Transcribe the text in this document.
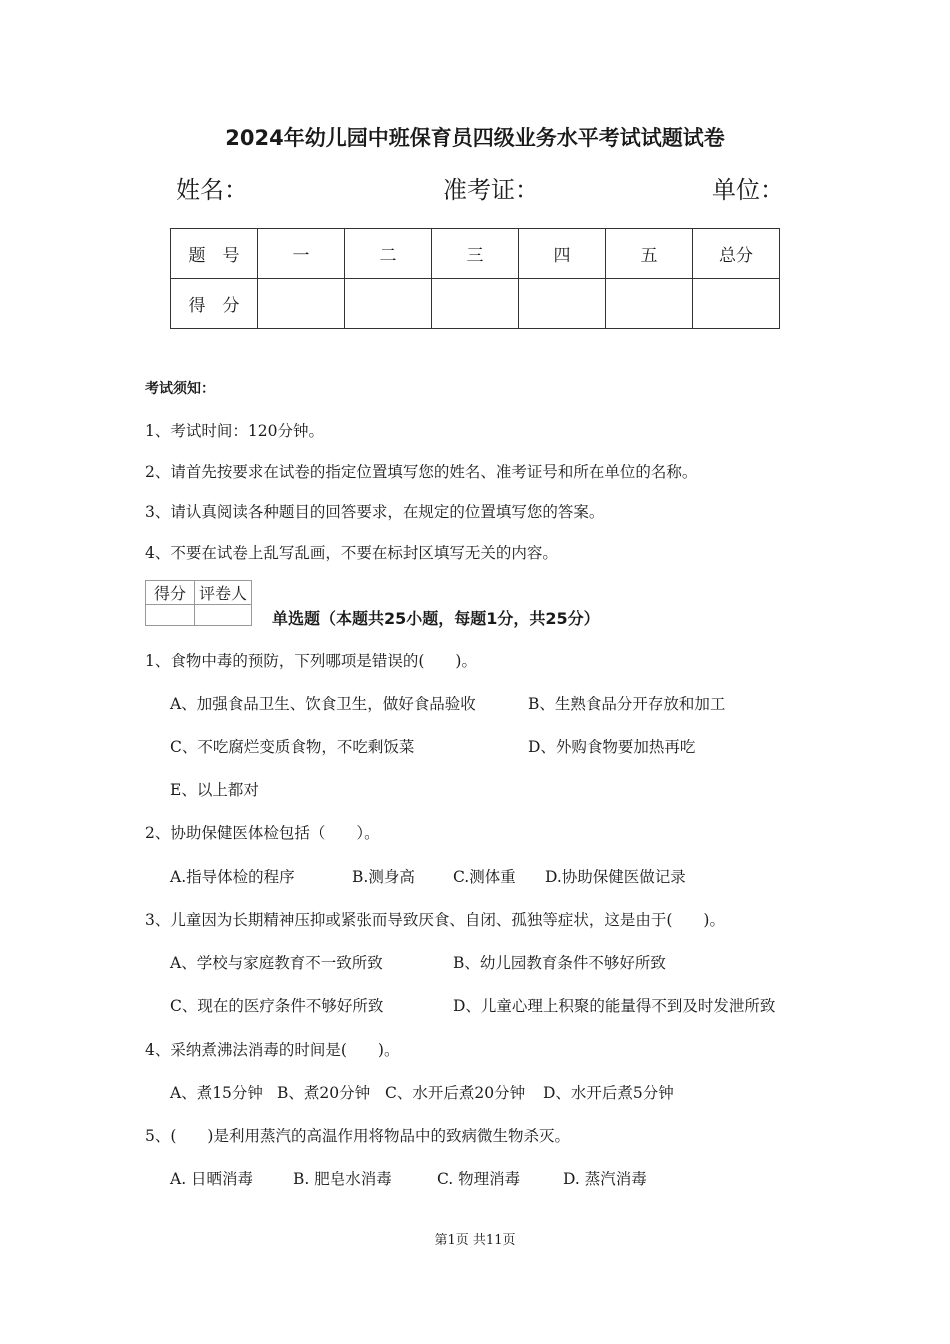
2024年幼儿园中班保育员四级业务水平考试试题试卷
姓名：	准考证：	单位：
题　号	一	二	三	四	五	总分
得　分						
考试须知：
1、考试时间：120分钟。
2、请首先按要求在试卷的指定位置填写您的姓名、准考证号和所在单位的名称。
3、请认真阅读各种题目的回答要求，在规定的位置填写您的答案。
4、不要在试卷上乱写乱画，不要在标封区填写无关的内容。
得分	评卷人

单选题（本题共25小题，每题1分，共25分）
1、食物中毒的预防，下列哪项是错误的(　　)。
A、加强食品卫生、饮食卫生，做好食品验收	B、生熟食品分开存放和加工
C、不吃腐烂变质食物，不吃剩饭菜	D、外购食物要加热再吃
E、以上都对
2、协助保健医体检包括（　　）。
A.指导体检的程序	B.测身高 C.测体重 D.协助保健医做记录
3、儿童因为长期精神压抑或紧张而导致厌食、自闭、孤独等症状，这是由于(　　)。
A、学校与家庭教育不一致所致	B、幼儿园教育条件不够好所致
C、现在的医疗条件不够好所致	D、儿童心理上积聚的能量得不到及时发泄所致
4、采纳煮沸法消毒的时间是(　　)。
A、煮15分钟 B、煮20分钟 C、水开后煮20分钟 D、水开后煮5分钟
5、(　　)是利用蒸汽的高温作用将物品中的致病微生物杀灭。
A. 日晒消毒	B. 肥皂水消毒	C. 物理消毒	D. 蒸汽消毒
第1页 共11页
